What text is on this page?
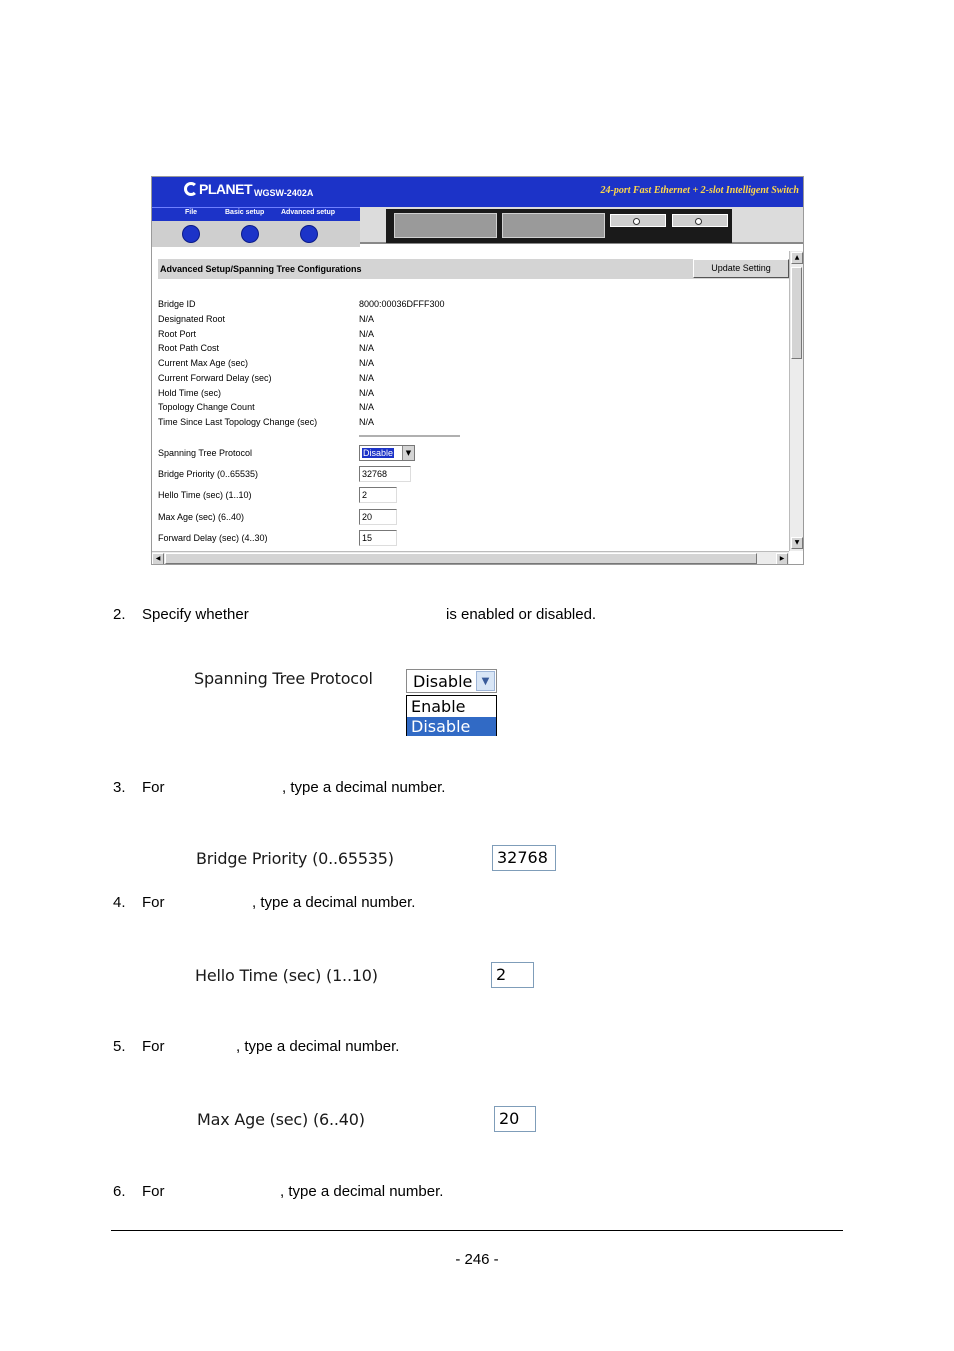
PLANET WGSW-2402A	24-port Fast Ethernet + 2-slot Intelligent Switch
File	Basic setup Advanced setup
Advanced Setup/Spanning Tree Configurations	Update Setting
Bridge ID	8000:00036DFFF300
Designated Root	N/A
Root Port	N/A
Root Path Cost	N/A
Current Max Age (sec)	N/A
Current Forward Delay (sec)	N/A
Hold Time (sec)	N/A
Topology Change Count	N/A
Time Since Last Topology Change (sec)	N/A
Spanning Tree Protocol	Disable	▼
Bridge Priority (0..65535)	32768
Hello Time (sec) (1..10)	2
Max Age (sec) (6..40)	20
Forward Delay (sec) (4..30)	15
▲
▼
◀	▶

2.

Specify whether

	is enabled or disabled.

Spanning Tree Protocol	Disable ▼
Enable
Disable

3.

For

	, type a decimal number.

Bridge Priority (0..65535)	32768

4.

For

	, type a decimal number.

Hello Time (sec) (1..10)	2

5.

For

	, type a decimal number.

Max Age (sec) (6..40)	20

6.

For

	, type a decimal number.

- 246 -
